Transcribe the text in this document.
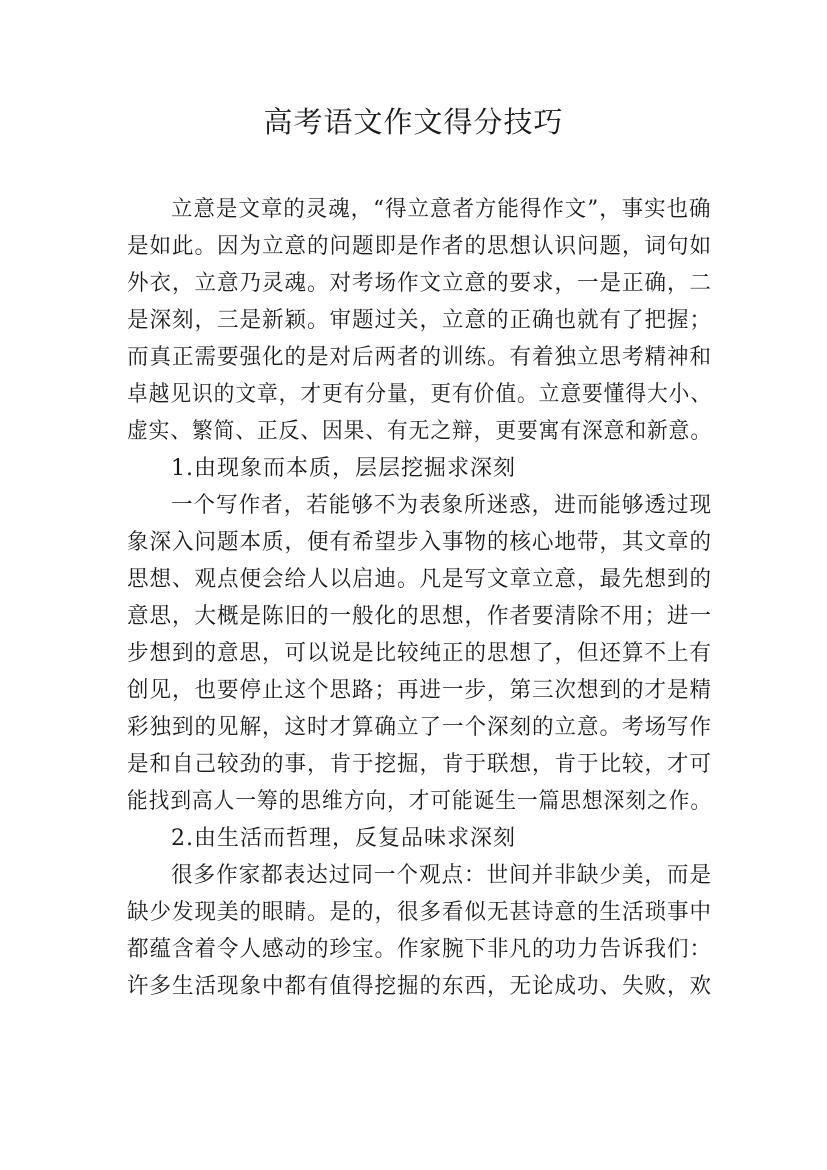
高考语文作文得分技巧

立意是文章的灵魂，“得立意者方能得作文”，事实也确

是如此。因为立意的问题即是作者的思想认识问题，词句如

外衣，立意乃灵魂。对考场作文立意的要求，一是正确，二

是深刻，三是新颖。审题过关，立意的正确也就有了把握；

而真正需要强化的是对后两者的训练。有着独立思考精神和

卓越见识的文章，才更有分量，更有价值。立意要懂得大小、

虚实、繁简、正反、因果、有无之辩，更要寓有深意和新意。

1.由现象而本质，层层挖掘求深刻

一个写作者，若能够不为表象所迷惑，进而能够透过现

象深入问题本质，便有希望步入事物的核心地带，其文章的

思想、观点便会给人以启迪。凡是写文章立意，最先想到的

意思，大概是陈旧的一般化的思想，作者要清除不用；进一

步想到的意思，可以说是比较纯正的思想了，但还算不上有

创见，也要停止这个思路；再进一步，第三次想到的才是精

彩独到的见解，这时才算确立了一个深刻的立意。考场写作

是和自己较劲的事，肯于挖掘，肯于联想，肯于比较，才可

能找到高人一筹的思维方向，才可能诞生一篇思想深刻之作。

2.由生活而哲理，反复品味求深刻

很多作家都表达过同一个观点：世间并非缺少美，而是

缺少发现美的眼睛。是的，很多看似无甚诗意的生活琐事中

都蕴含着令人感动的珍宝。作家腕下非凡的功力告诉我们：

许多生活现象中都有值得挖掘的东西，无论成功、失败，欢
